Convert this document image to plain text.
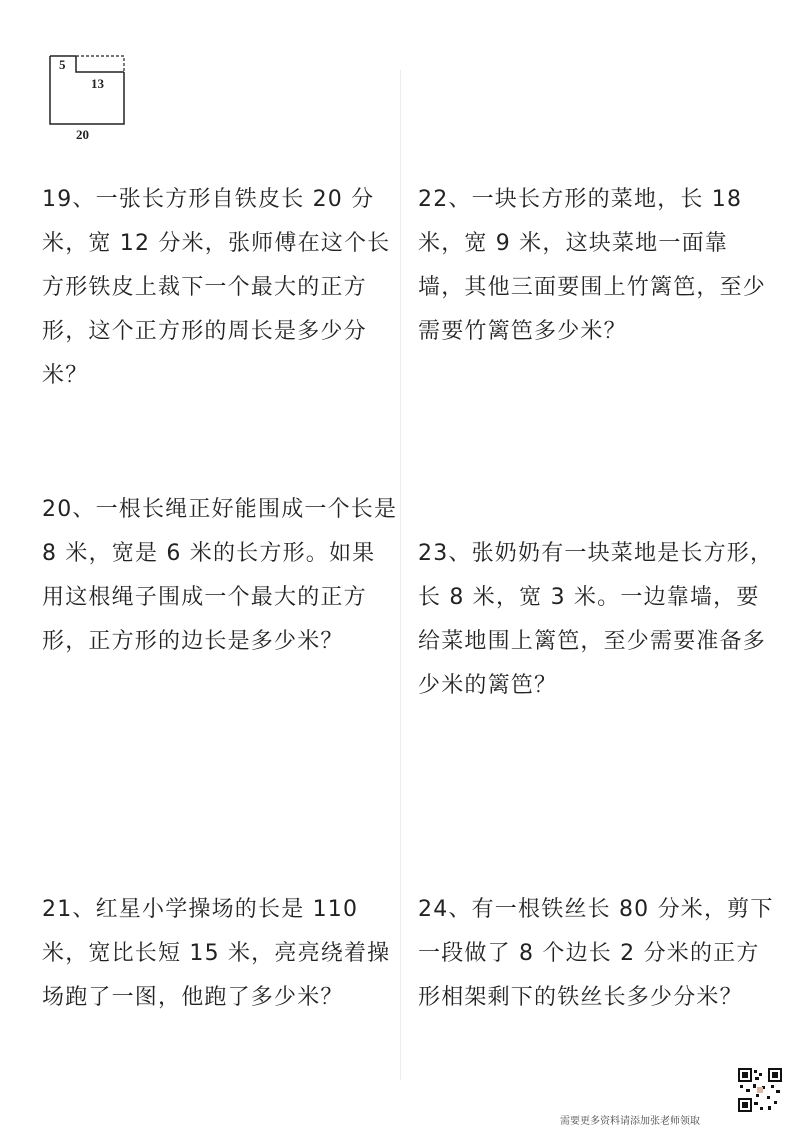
5
13
20

19、一张长方形自铁皮长 20 分米，宽 12 分米，张师傅在这个长方形铁皮上裁下一个最大的正方形，这个正方形的周长是多少分米？

20、一根长绳正好能围成一个长是 8 米，宽是 6 米的长方形。如果用这根绳子围成一个最大的正方形，正方形的边长是多少米？

21、红星小学操场的长是 110 米，宽比长短 15 米，亮亮绕着操场跑了一图，他跑了多少米？

22、一块长方形的菜地，长 18 米，宽 9 米，这块菜地一面靠墙，其他三面要围上竹篱笆，至少需要竹篱笆多少米？

23、张奶奶有一块菜地是长方形，长 8 米，宽 3 米。一边靠墙，要给菜地围上篱笆，至少需要准备多少米的篱笆？

24、有一根铁丝长 80 分米，剪下一段做了 8 个边长 2 分米的正方形相架剩下的铁丝长多少分米？

需要更多资料请添加张老师领取
